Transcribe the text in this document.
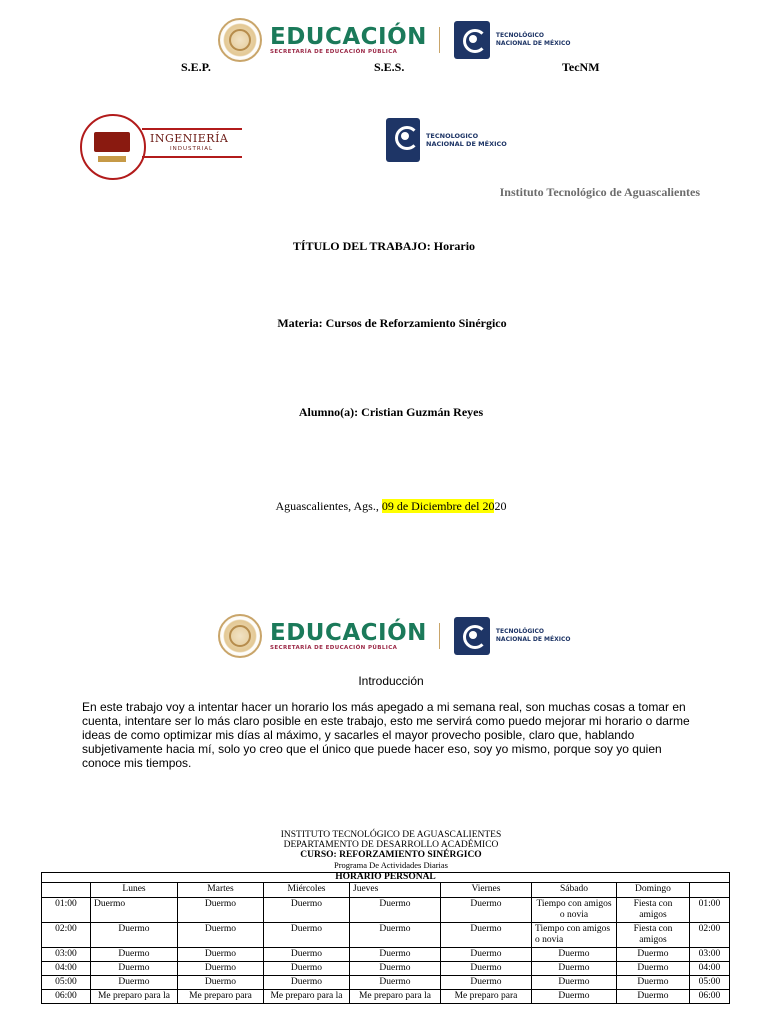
EDUCACIÓN
SECRETARÍA DE EDUCACIÓN PÚBLICA
TECNOLÓGICO
NACIONAL DE MÉXICO
S.E.P.	S.E.S.	TecNM
INGENIERÍA
INDUSTRIAL
TECNOLOGICO
NACIONAL DE MÉXICO
Instituto Tecnológico de Aguascalientes
TÍTULO DEL TRABAJO: Horario
Materia: Cursos de Reforzamiento Sinérgico
Alumno(a): Cristian Guzmán Reyes
Aguascalientes, Ags., 09 de Diciembre del 2020
EDUCACIÓN
SECRETARÍA DE EDUCACIÓN PÚBLICA
TECNOLÓGICO
NACIONAL DE MÉXICO
Introducción
En este trabajo voy a intentar hacer un horario los más apegado a mi semana real, son muchas cosas a tomar en cuenta, intentare ser lo más claro posible en este trabajo, esto me servirá como puedo mejorar mi horario o darme ideas de como optimizar mis días al máximo, y sacarles el mayor provecho posible, claro que, hablando subjetivamente hacia mí, solo yo creo que el único que puede hacer eso, soy yo mismo, porque soy yo quien conoce mis tiempos.
INSTITUTO TECNOLÓGICO DE AGUASCALIENTES
DEPARTAMENTO DE DESARROLLO ACADÉMICO
CURSO: REFORZAMIENTO SINÉRGICO
Programa De Actividades Diarias
HORARIO PERSONAL								
	Lunes	Martes	Miércoles	Jueves	Viernes	Sábado	Domingo	
01:00	Duermo	Duermo	Duermo	Duermo	Duermo	Tiempo con amigos o novia	Fiesta con amigos	01:00
02:00	Duermo	Duermo	Duermo	Duermo	Duermo	Tiempo con amigos o novia	Fiesta con amigos	02:00
03:00	Duermo	Duermo	Duermo	Duermo	Duermo	Duermo	Duermo	03:00
04:00	Duermo	Duermo	Duermo	Duermo	Duermo	Duermo	Duermo	04:00
05:00	Duermo	Duermo	Duermo	Duermo	Duermo	Duermo	Duermo	05:00
06:00	Me preparo para la	Me preparo para	Me preparo para la	Me preparo para la	Me preparo para	Duermo	Duermo	06:00
